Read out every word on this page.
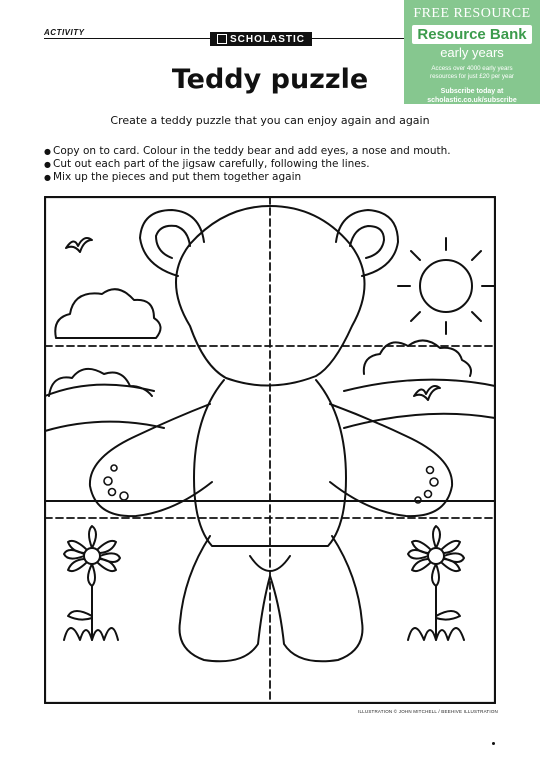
ACTIVITY
SCHOLASTIC
FREE RESOURCE
Resource Bank
early years
Access over 4000 early years
resources for just £20 per year
Subscribe today at
scholastic.co.uk/subscribe
Teddy puzzle
Create a teddy puzzle that you can enjoy again and again
● Copy on to card. Colour in the teddy bear and add eyes, a nose and mouth.
● Cut out each part of the jigsaw carefully, following the lines.
● Mix up the pieces and put them together again
ILLUSTRATION © JOHN MITCHELL / BEEHIVE ILLUSTRATION
